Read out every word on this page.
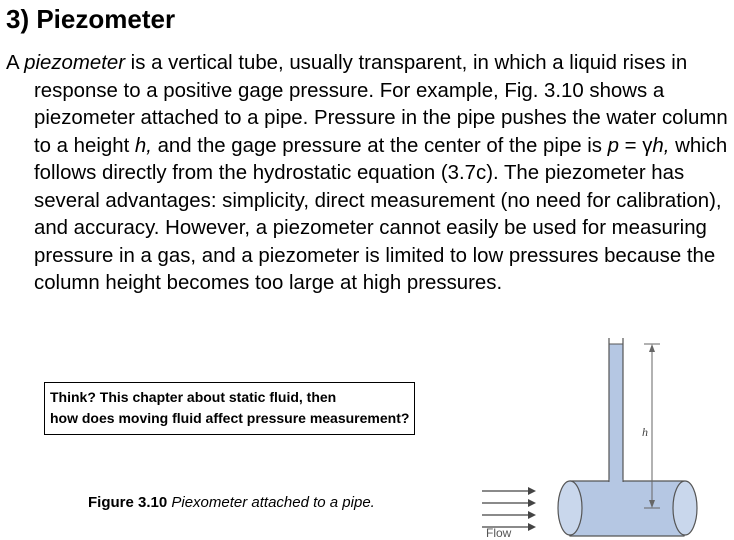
3) Piezometer

A piezometer is a vertical tube, usually transparent, in which a liquid rises in response to a positive gage pressure. For example, Fig. 3.10 shows a piezometer attached to a pipe. Pressure in the pipe pushes the water column to a height h, and the gage pressure at the center of the pipe is p = γh, which follows directly from the hydrostatic equation (3.7c). The piezometer has several advantages: simplicity, direct measurement (no need for calibration), and accuracy. However, a piezometer cannot easily be used for measuring pressure in a gas, and a piezometer is limited to low pressures because the column height becomes too large at high pressures.

Think? This chapter about static fluid, then
how does moving fluid affect pressure measurement?
Figure 3.10 Piexometer attached to a pipe.
h
Flow
